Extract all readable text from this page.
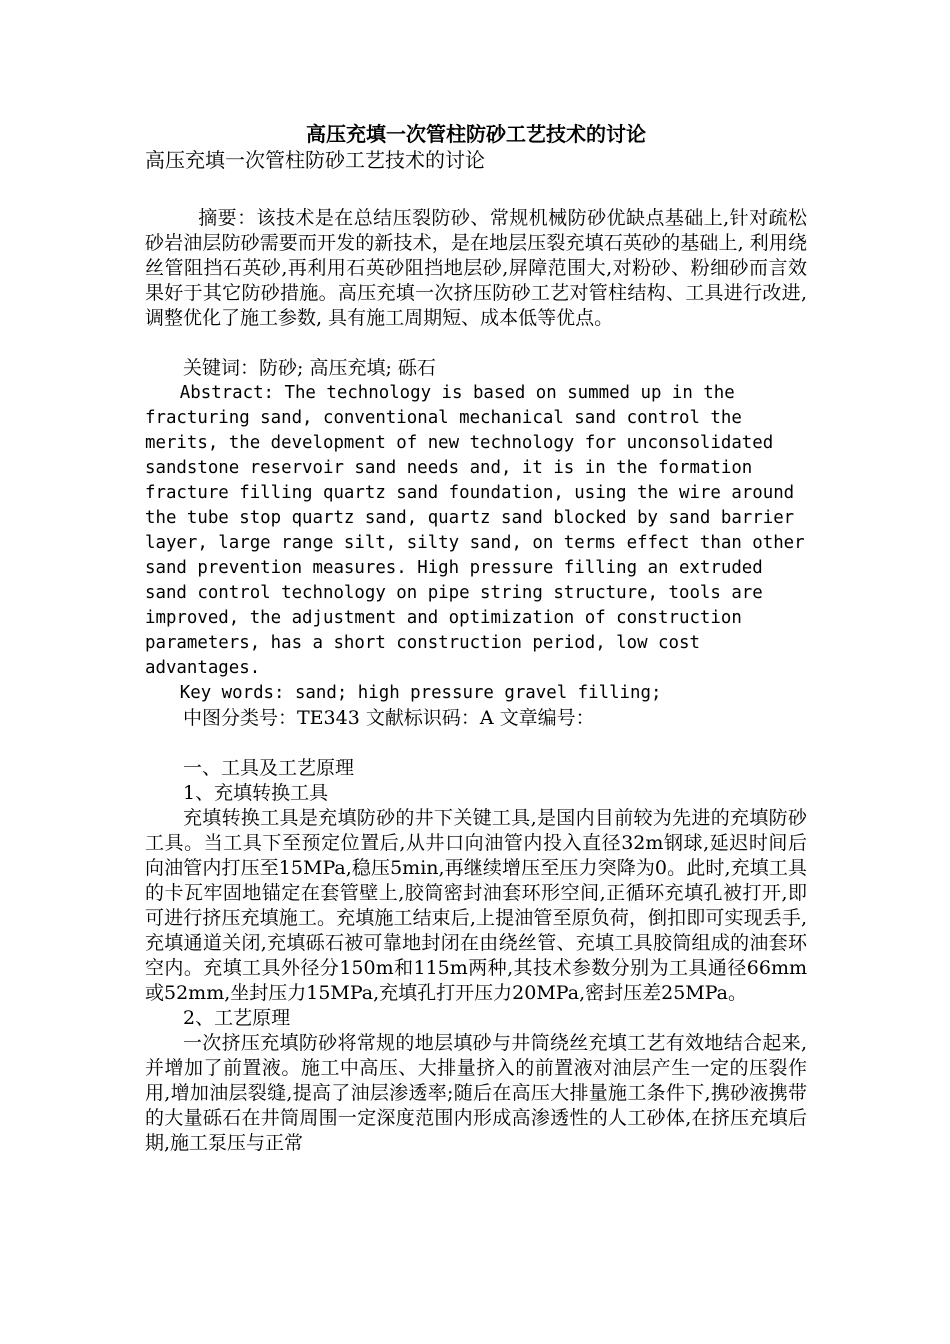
高压充填一次管柱防砂工艺技术的讨论

高压充填一次管柱防砂工艺技术的讨论

摘要：该技术是在总结压裂防砂、常规机械防砂优缺点基础上,针对疏松砂岩油层防砂需要而开发的新技术，是在地层压裂充填石英砂的基础上, 利用绕丝管阻挡石英砂,再利用石英砂阻挡地层砂,屏障范围大,对粉砂、粉细砂而言效果好于其它防砂措施。高压充填一次挤压防砂工艺对管柱结构、工具进行改进,调整优化了施工参数, 具有施工周期短、成本低等优点。

关键词：防砂; 高压充填; 砾石

Abstract: The technology is based on summed up in the fracturing sand, conventional mechanical sand control the merits, the development of new technology for unconsolidated sandstone reservoir sand needs and, it is in the formation fracture filling quartz sand foundation, using the wire around the tube stop quartz sand, quartz sand blocked by sand barrier layer, large range silt, silty sand, on terms effect than other sand prevention measures. High pressure filling an extruded sand control technology on pipe string structure, tools are improved, the adjustment and optimization of construction parameters, has a short construction period, low cost advantages.

Key words: sand; high pressure gravel filling;

中图分类号：TE343 文献标识码：A 文章编号：

一、工具及工艺原理

1、充填转换工具

充填转换工具是充填防砂的井下关键工具,是国内目前较为先进的充填防砂工具。当工具下至预定位置后,从井口向油管内投入直径32m钢球,延迟时间后向油管内打压至15MPa,稳压5min,再继续增压至压力突降为0。此时,充填工具的卡瓦牢固地锚定在套管壁上,胶筒密封油套环形空间,正循环充填孔被打开,即可进行挤压充填施工。充填施工结束后,上提油管至原负荷，倒扣即可实现丢手,充填通道关闭,充填砾石被可靠地封闭在由绕丝管、充填工具胶筒组成的油套环空内。充填工具外径分150m和115m两种,其技术参数分别为工具通径66mm或52mm,坐封压力15MPa,充填孔打开压力20MPa,密封压差25MPa。

2、工艺原理

一次挤压充填防砂将常规的地层填砂与井筒绕丝充填工艺有效地结合起来,并增加了前置液。施工中高压、大排量挤入的前置液对油层产生一定的压裂作用,增加油层裂缝,提高了油层渗透率;随后在高压大排量施工条件下,携砂液携带的大量砾石在井筒周围一定深度范围内形成高渗透性的人工砂体,在挤压充填后期,施工泵压与正常
